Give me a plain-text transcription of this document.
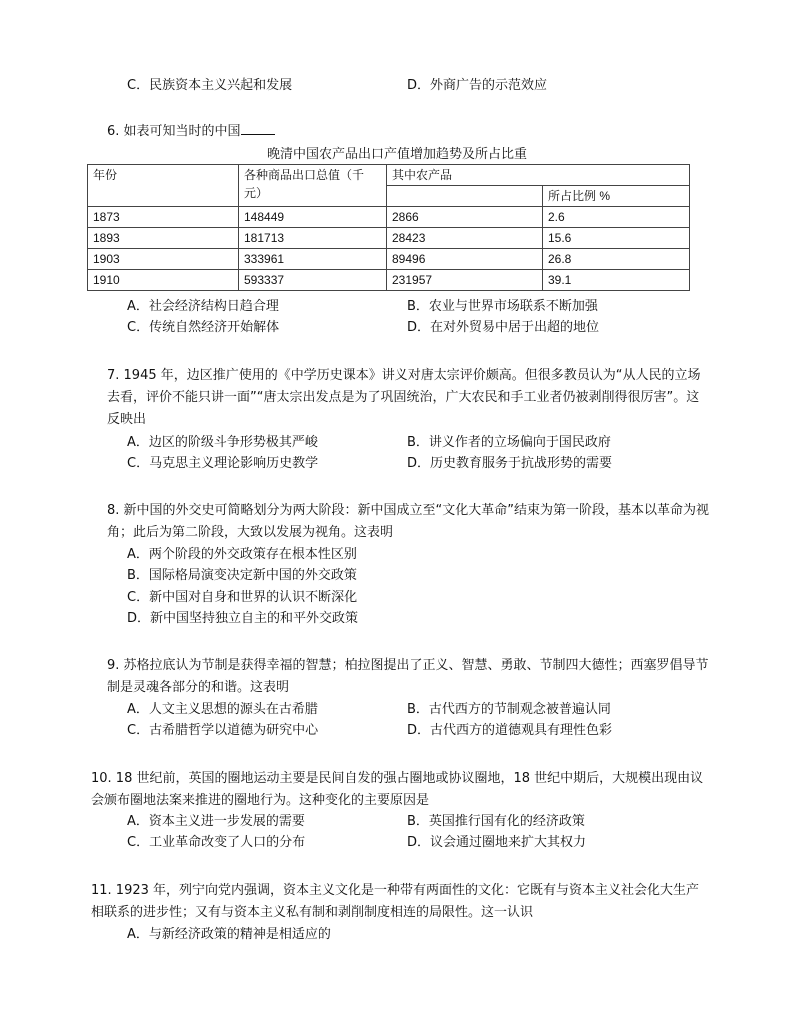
C．民族资本主义兴起和发展	D．外商广告的示范效应
6. 如表可知当时的中国
晚清中国农产品出口产值增加趋势及所占比重
年份	各种商品出口总值（千元）	其中农产品	
			所占比例 %
1873	148449	2866	2.6
1893	181713	28423	15.6
1903	333961	89496	26.8
1910	593337	231957	39.1
A．社会经济结构日趋合理	B．农业与世界市场联系不断加强
C．传统自然经济开始解体	D．在对外贸易中居于出超的地位
7. 1945 年，边区推广使用的《中学历史课本》讲义对唐太宗评价颇高。但很多教员认为“从人民的立场去看，评价不能只讲一面”“唐太宗出发点是为了巩固统治，广大农民和手工业者仍被剥削得很厉害”。这反映出
A．边区的阶级斗争形势极其严峻	B．讲义作者的立场偏向于国民政府
C．马克思主义理论影响历史教学	D．历史教育服务于抗战形势的需要
8. 新中国的外交史可简略划分为两大阶段：新中国成立至“文化大革命”结束为第一阶段，基本以革命为视角；此后为第二阶段，大致以发展为视角。这表明
A．两个阶段的外交政策存在根本性区别
B．国际格局演变决定新中国的外交政策
C．新中国对自身和世界的认识不断深化
D．新中国坚持独立自主的和平外交政策
9. 苏格拉底认为节制是获得幸福的智慧；柏拉图提出了正义、智慧、勇敢、节制四大德性；西塞罗倡导节制是灵魂各部分的和谐。这表明
A．人文主义思想的源头在古希腊	B．古代西方的节制观念被普遍认同
C．古希腊哲学以道德为研究中心	D．古代西方的道德观具有理性色彩
10. 18 世纪前，英国的圈地运动主要是民间自发的强占圈地或协议圈地，18 世纪中期后，大规模出现由议会颁布圈地法案来推进的圈地行为。这种变化的主要原因是
A．资本主义进一步发展的需要	B．英国推行国有化的经济政策
C．工业革命改变了人口的分布	D．议会通过圈地来扩大其权力
11. 1923 年，列宁向党内强调，资本主义文化是一种带有两面性的文化：它既有与资本主义社会化大生产相联系的进步性；又有与资本主义私有制和剥削制度相连的局限性。这一认识
A．与新经济政策的精神是相适应的
